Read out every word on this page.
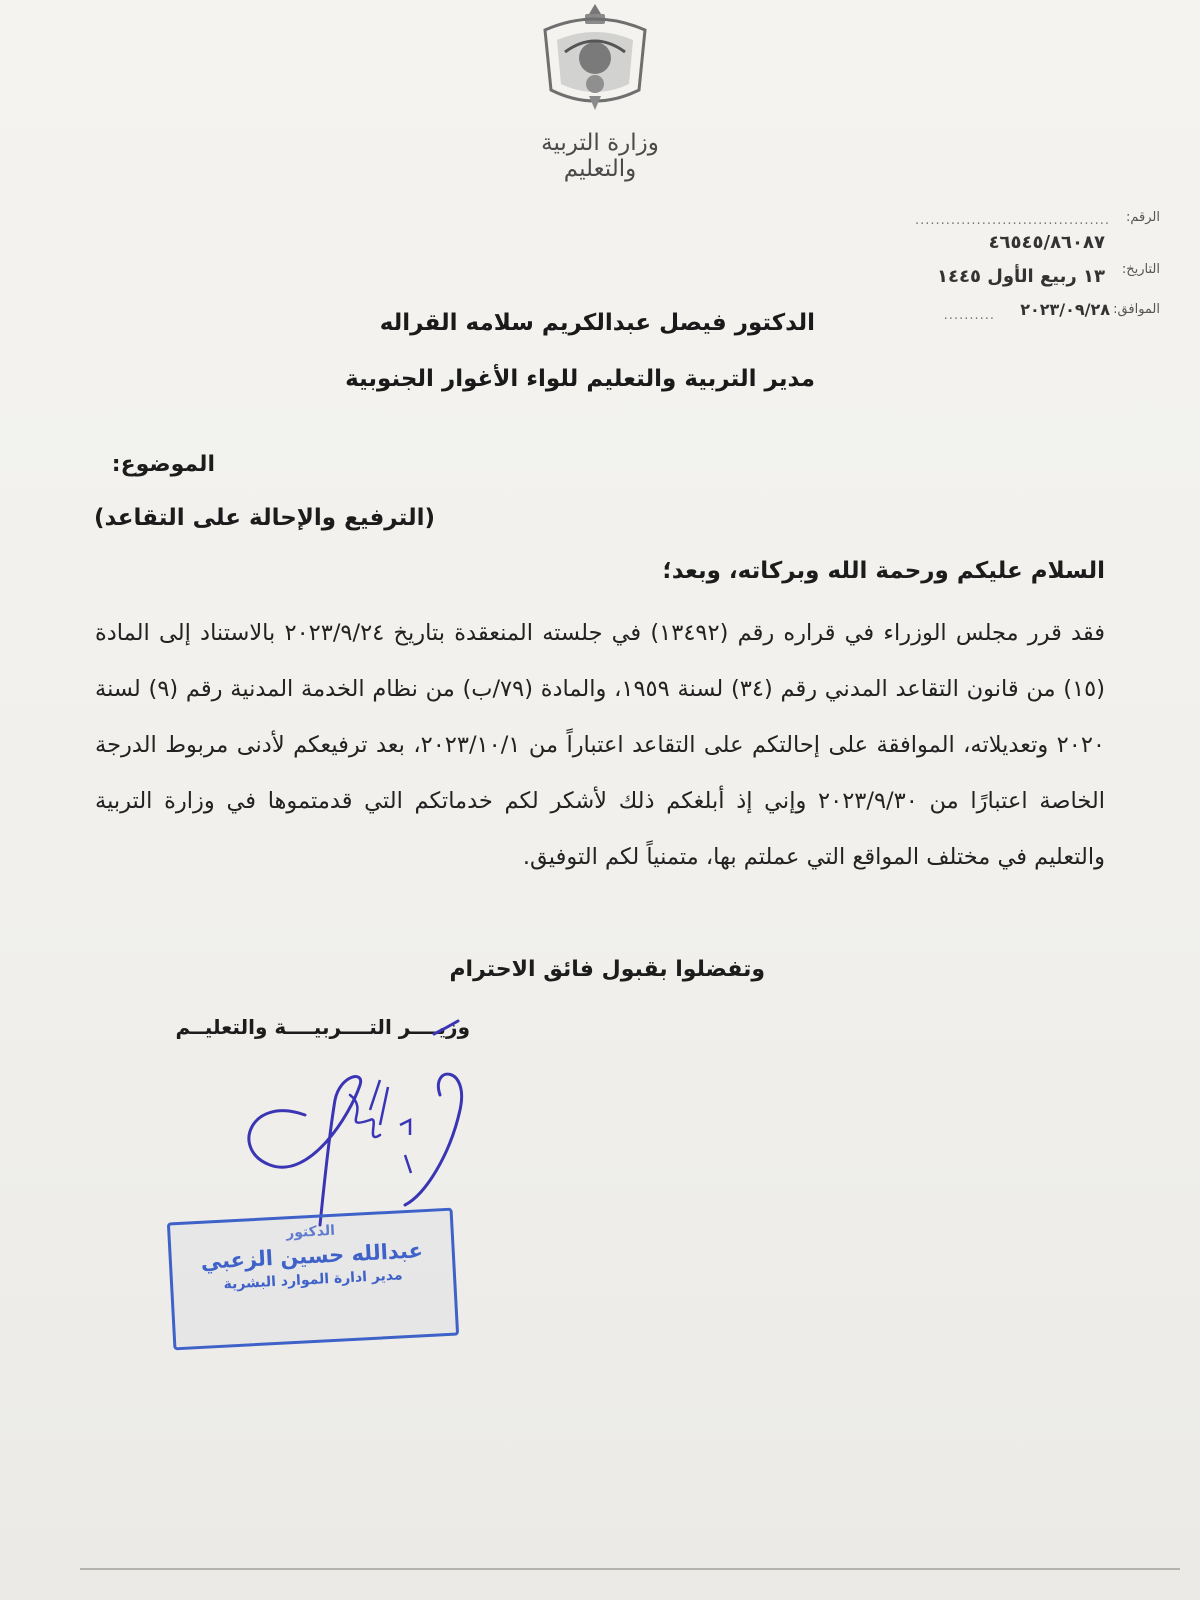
وزارة التربية والتعليم
الرقم:
......................................
٤٦٥٤٥/٨٦٠٨٧
التاريخ:
١٣ ربيع الأول ١٤٤٥
الموافق:
٢٠٢٣/٠٩/٢٨
..........
الدكتور فيصل عبدالكريم سلامه القراله
مدير التربية والتعليم للواء الأغوار الجنوبية
الموضوع:
(الترفيع والإحالة على التقاعد)
السلام عليكم ورحمة الله وبركاته، وبعد؛
فقد قرر مجلس الوزراء في قراره رقم (١٣٤٩٢) في جلسته المنعقدة بتاريخ ٢٠٢٣/٩/٢٤ بالاستناد إلى المادة (١٥) من قانون التقاعد المدني رقم (٣٤) لسنة ١٩٥٩، والمادة (٧٩/ب) من نظام الخدمة المدنية رقم (٩) لسنة ٢٠٢٠ وتعديلاته، الموافقة على إحالتكم على التقاعد اعتباراً من ٢٠٢٣/١٠/١، بعد ترفيعكم لأدنى مربوط الدرجة الخاصة اعتبارًا من ٢٠٢٣/٩/٣٠ وإني إذ أبلغكم ذلك لأشكر لكم خدماتكم التي قدمتموها في وزارة التربية والتعليم في مختلف المواقع التي عملتم بها، متمنياً لكم التوفيق.
وتفضلوا بقبول فائق الاحترام
وزيــــر التــــربيــــة والتعليــم
الدكتور
عبدالله حسين الزعبي
مدير ادارة الموارد البشرية
